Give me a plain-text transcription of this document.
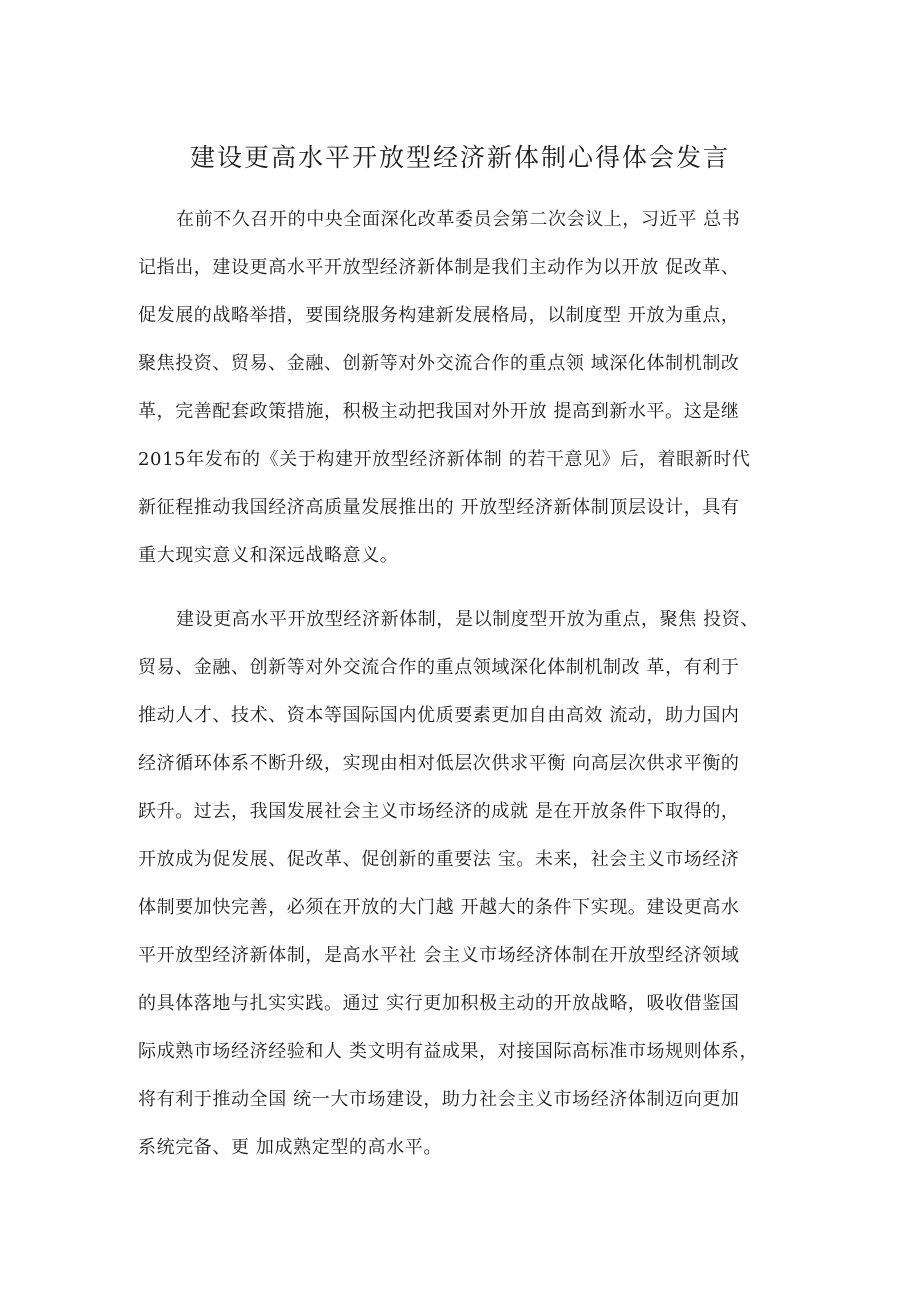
建设更高水平开放型经济新体制心得体会发言
在前不久召开的中央全面深化改革委员会第二次会议上，习近平 总书
记指出，建设更高水平开放型经济新体制是我们主动作为以开放 促改革、
促发展的战略举措，要围绕服务构建新发展格局，以制度型 开放为重点，
聚焦投资、贸易、金融、创新等对外交流合作的重点领 域深化体制机制改
革，完善配套政策措施，积极主动把我国对外开放 提高到新水平。这是继
2015年发布的《关于构建开放型经济新体制 的若干意见》后，着眼新时代
新征程推动我国经济高质量发展推出的 开放型经济新体制顶层设计，具有
重大现实意义和深远战略意义。
建设更高水平开放型经济新体制，是以制度型开放为重点，聚焦 投资、
贸易、金融、创新等对外交流合作的重点领域深化体制机制改 革，有利于
推动人才、技术、资本等国际国内优质要素更加自由高效 流动，助力国内
经济循环体系不断升级，实现由相对低层次供求平衡 向高层次供求平衡的
跃升。过去，我国发展社会主义市场经济的成就 是在开放条件下取得的，
开放成为促发展、促改革、促创新的重要法 宝。未来，社会主义市场经济
体制要加快完善，必须在开放的大门越 开越大的条件下实现。建设更高水
平开放型经济新体制，是高水平社 会主义市场经济体制在开放型经济领域
的具体落地与扎实实践。通过 实行更加积极主动的开放战略，吸收借鉴国
际成熟市场经济经验和人 类文明有益成果，对接国际高标准市场规则体系，
将有利于推动全国 统一大市场建设，助力社会主义市场经济体制迈向更加
系统完备、更 加成熟定型的高水平。
